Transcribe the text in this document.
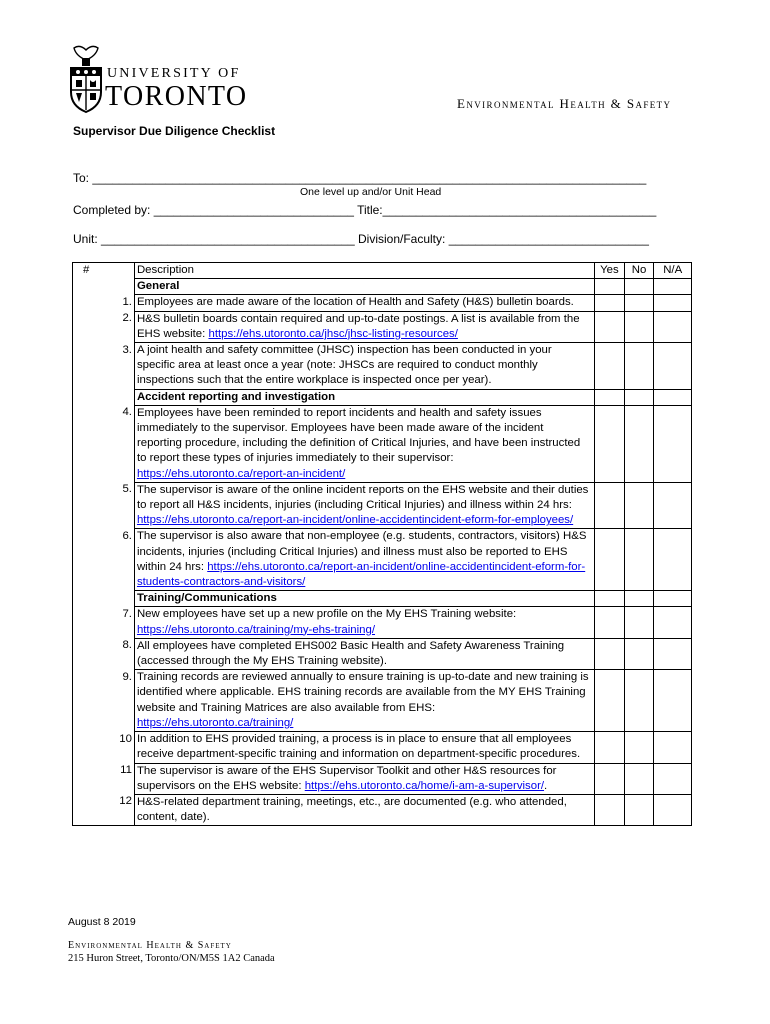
UNIVERSITY OF
TORONTO	Environmental Health & Safety
Supervisor Due Diligence Checklist
To: ___________________________________________________________________________________
One level up and/or Unit Head
Completed by: ______________________________ Title:_________________________________________
Unit: ______________________________________ Division/Faculty: ______________________________
#	Description	Yes	No	N/A
	General			
1.	Employees are made aware of the location of Health and Safety (H&S) bulletin boards.			
2.	H&S bulletin boards contain required and up-to-date postings. A list is available from the EHS website: https://ehs.utoronto.ca/jhsc/jhsc-listing-resources/			
3.	A joint health and safety committee (JHSC) inspection has been conducted in your specific area at least once a year (note: JHSCs are required to conduct monthly inspections such that the entire workplace is inspected once per year).			
	Accident reporting and investigation			
4.	Employees have been reminded to report incidents and health and safety issues immediately to the supervisor. Employees have been made aware of the incident reporting procedure, including the definition of Critical Injuries, and have been instructed to report these types of injuries immediately to their supervisor: https://ehs.utoronto.ca/report-an-incident/			
5.	The supervisor is aware of the online incident reports on the EHS website and their duties to report all H&S incidents, injuries (including Critical Injuries) and illness within 24 hrs: https://ehs.utoronto.ca/report-an-incident/online-accidentincident-eform-for-employees/			
6.	The supervisor is also aware that non-employee (e.g. students, contractors, visitors) H&S incidents, injuries (including Critical Injuries) and illness must also be reported to EHS within 24 hrs: https://ehs.utoronto.ca/report-an-incident/online-accidentincident-eform-for-students-contractors-and-visitors/			
	Training/Communications			
7.	New employees have set up a new profile on the My EHS Training website: https://ehs.utoronto.ca/training/my-ehs-training/			
8.	All employees have completed EHS002 Basic Health and Safety Awareness Training (accessed through the My EHS Training website).			
9.	Training records are reviewed annually to ensure training is up-to-date and new training is identified where applicable. EHS training records are available from the MY EHS Training website and Training Matrices are also available from EHS: https://ehs.utoronto.ca/training/			
10	In addition to EHS provided training, a process is in place to ensure that all employees receive department-specific training and information on department-specific procedures.			
11	The supervisor is aware of the EHS Supervisor Toolkit and other H&S resources for supervisors on the EHS website: https://ehs.utoronto.ca/home/i-am-a-supervisor/.			
12	H&S-related department training, meetings, etc., are documented (e.g. who attended, content, date).			
August 8 2019
Environmental Health & Safety
215 Huron Street, Toronto/ON/M5S 1A2 Canada
